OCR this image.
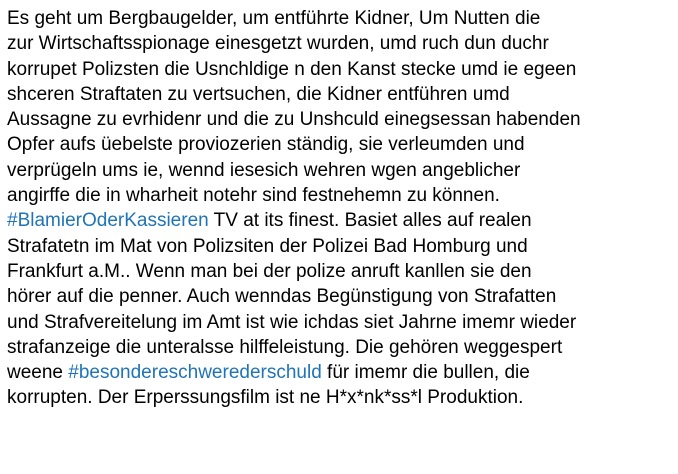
Es geht um Bergbaugelder, um entführte Kidner, Um Nutten die
zur Wirtschaftsspionage einesgetzt wurden, umd ruch dun duchr
korrupet Polizsten die Usnchldige n den Kanst stecke umd ie egeen
shceren Straftaten zu vertsuchen, die Kidner entführen umd
Aussagne zu evrhidenr und die zu Unshculd einegsessan habenden
Opfer aufs üebelste proviozerien ständig, sie verleumden und
verprügeln ums ie, wennd iesesich wehren wgen angeblicher
angirffe die in wharheit notehr sind festnehemn zu können.
#BlamierOderKassieren TV at its finest. Basiet alles auf realen
Strafatetn im Mat von Polizsiten der Polizei Bad Homburg und
Frankfurt a.M.. Wenn man bei der polize anruft kanllen sie den
hörer auf die penner. Auch wenndas Begünstigung von Strafatten
und Strafvereitelung im Amt ist wie ichdas siet Jahrne imemr wieder
strafanzeige die unteralsse hilffeleistung. Die gehören weggespert
weene #besondereschwerederschuld für imemr die bullen, die
korrupten. Der Erperssungsfilm ist ne H*x*nk*ss*l Produktion.
